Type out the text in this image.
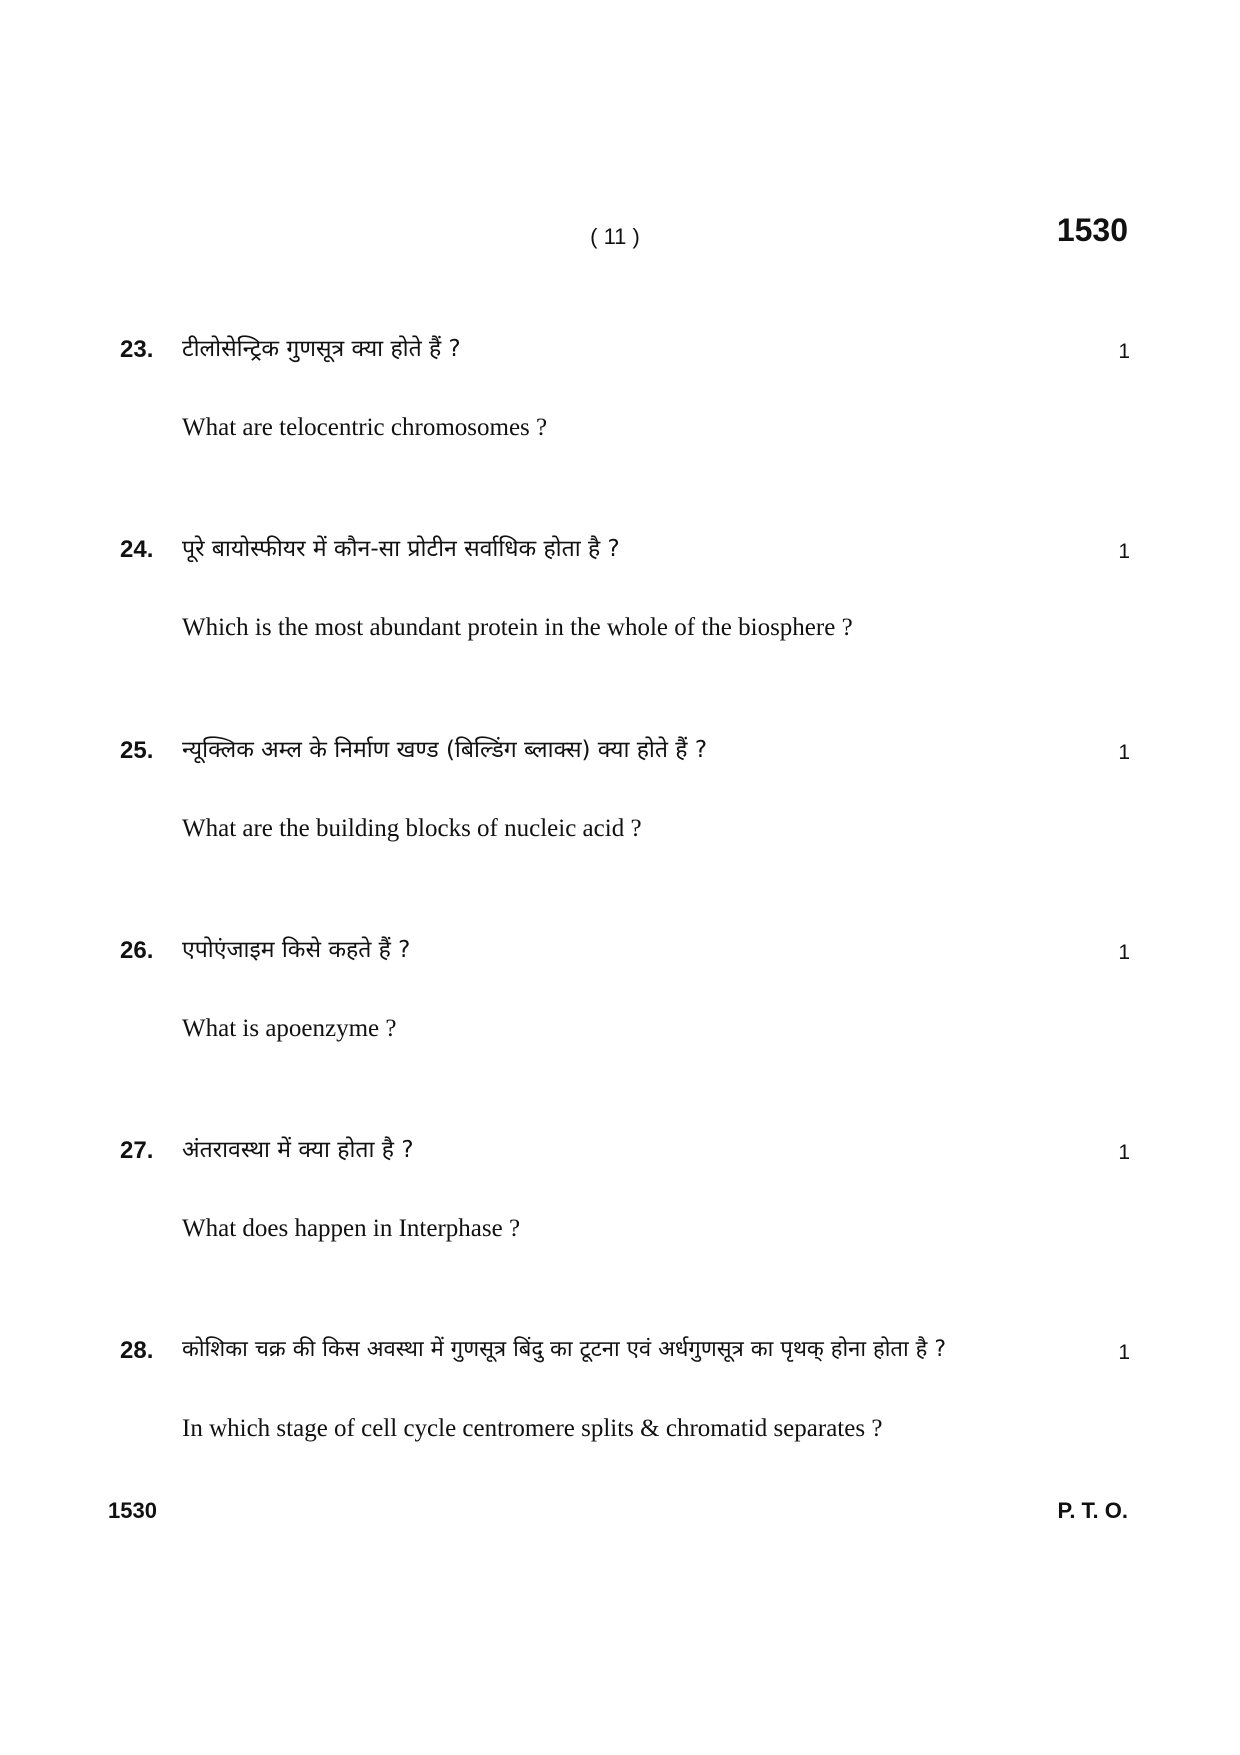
( 11 )	1530
23. टीलोसेन्ट्रिक गुणसूत्र क्या होते हैं ?
What are telocentric chromosomes ?
1
24. पूरे बायोस्फीयर में कौन-सा प्रोटीन सर्वाधिक होता है ?
Which is the most abundant protein in the whole of the biosphere ?
1
25. न्यूक्लिक अम्ल के निर्माण खण्ड (बिल्डिंग ब्लाक्स) क्या होते हैं ?
What are the building blocks of nucleic acid ?
1
26. एपोएंजाइम किसे कहते हैं ?
What is apoenzyme ?
1
27. अंतरावस्था में क्या होता है ?
What does happen in Interphase ?
1
28. कोशिका चक्र की किस अवस्था में गुणसूत्र बिंदु का टूटना एवं अर्धगुणसूत्र का पृथक् होना होता है ?
In which stage of cell cycle centromere splits & chromatid separates ?
1
1530	P. T. O.
